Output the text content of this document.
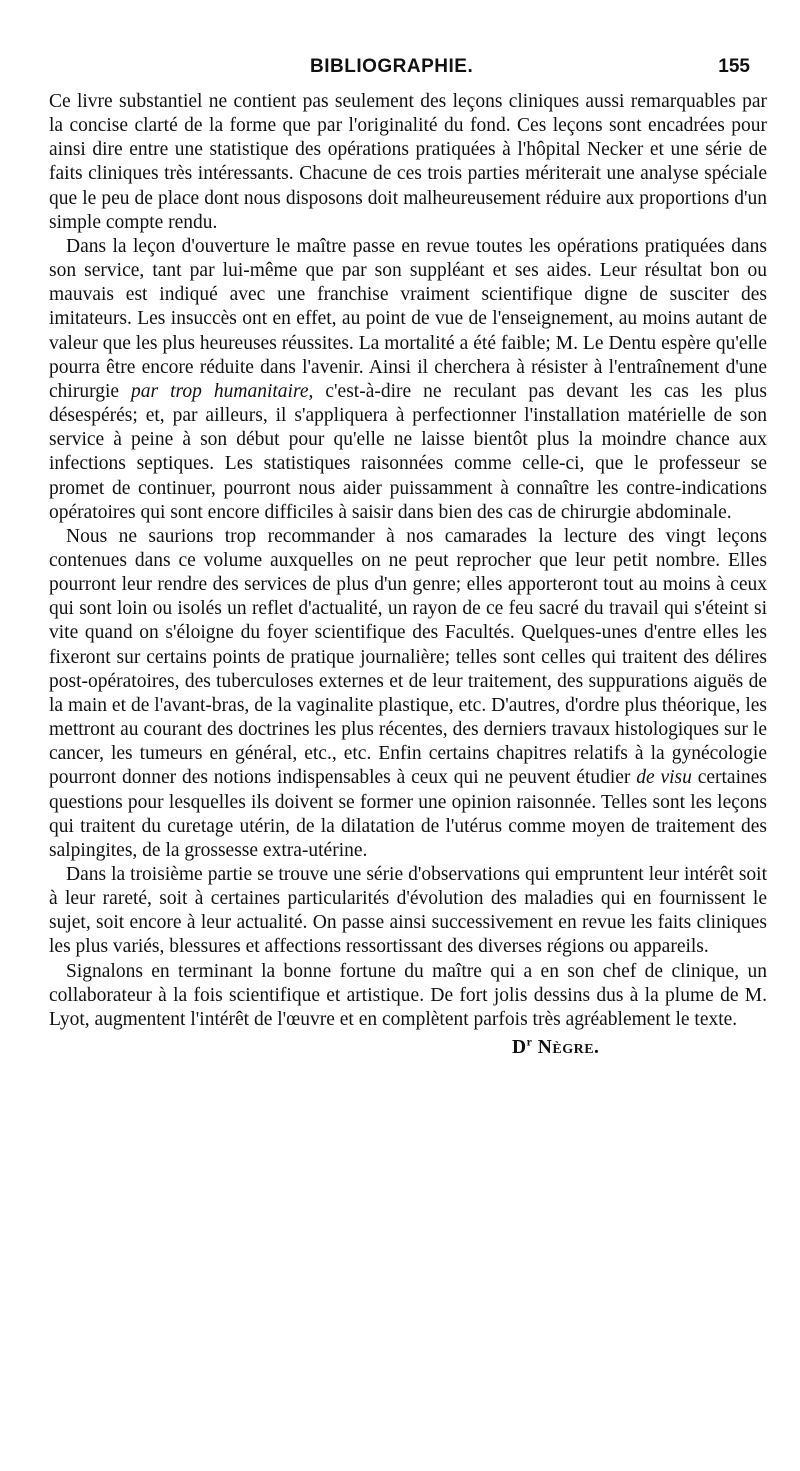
BIBLIOGRAPHIE.	155

Ce livre substantiel ne contient pas seulement des leçons cliniques aussi remarquables par la concise clarté de la forme que par l'originalité du fond. Ces leçons sont encadrées pour ainsi dire entre une statistique des opérations pratiquées à l'hôpital Necker et une série de faits cliniques très intéressants. Chacune de ces trois parties mériterait une analyse spéciale que le peu de place dont nous disposons doit malheureusement réduire aux proportions d'un simple compte rendu.

Dans la leçon d'ouverture le maître passe en revue toutes les opérations pratiquées dans son service, tant par lui-même que par son suppléant et ses aides. Leur résultat bon ou mauvais est indiqué avec une franchise vraiment scientifique digne de susciter des imitateurs. Les insuccès ont en effet, au point de vue de l'enseignement, au moins autant de valeur que les plus heureuses réussites. La mortalité a été faible; M. Le Dentu espère qu'elle pourra être encore réduite dans l'avenir. Ainsi il cherchera à résister à l'entraînement d'une chirurgie par trop humanitaire, c'est-à-dire ne reculant pas devant les cas les plus désespérés; et, par ailleurs, il s'appliquera à perfectionner l'installation matérielle de son service à peine à son début pour qu'elle ne laisse bientôt plus la moindre chance aux infections septiques. Les statistiques raisonnées comme celle-ci, que le professeur se promet de continuer, pourront nous aider puissamment à connaître les contre-indications opératoires qui sont encore difficiles à saisir dans bien des cas de chirurgie abdominale.

Nous ne saurions trop recommander à nos camarades la lecture des vingt leçons contenues dans ce volume auxquelles on ne peut reprocher que leur petit nombre. Elles pourront leur rendre des services de plus d'un genre; elles apporteront tout au moins à ceux qui sont loin ou isolés un reflet d'actualité, un rayon de ce feu sacré du travail qui s'éteint si vite quand on s'éloigne du foyer scientifique des Facultés. Quelques-unes d'entre elles les fixeront sur certains points de pratique journalière; telles sont celles qui traitent des délires post-opératoires, des tuberculoses externes et de leur traitement, des suppurations aiguës de la main et de l'avant-bras, de la vaginalite plastique, etc. D'autres, d'ordre plus théorique, les mettront au courant des doctrines les plus récentes, des derniers travaux histologiques sur le cancer, les tumeurs en général, etc., etc. Enfin certains chapitres relatifs à la gynécologie pourront donner des notions indispensables à ceux qui ne peuvent étudier de visu certaines questions pour lesquelles ils doivent se former une opinion raisonnée. Telles sont les leçons qui traitent du curetage utérin, de la dilatation de l'utérus comme moyen de traitement des salpingites, de la grossesse extra-utérine.

Dans la troisième partie se trouve une série d'observations qui empruntent leur intérêt soit à leur rareté, soit à certaines particularités d'évolution des maladies qui en fournissent le sujet, soit encore à leur actualité. On passe ainsi successivement en revue les faits cliniques les plus variés, blessures et affections ressortissant des diverses régions ou appareils.

Signalons en terminant la bonne fortune du maître qui a en son chef de clinique, un collaborateur à la fois scientifique et artistique. De fort jolis dessins dus à la plume de M. Lyot, augmentent l'intérêt de l'œuvre et en complètent parfois très agréablement le texte.

$D^r$ Nègre.
